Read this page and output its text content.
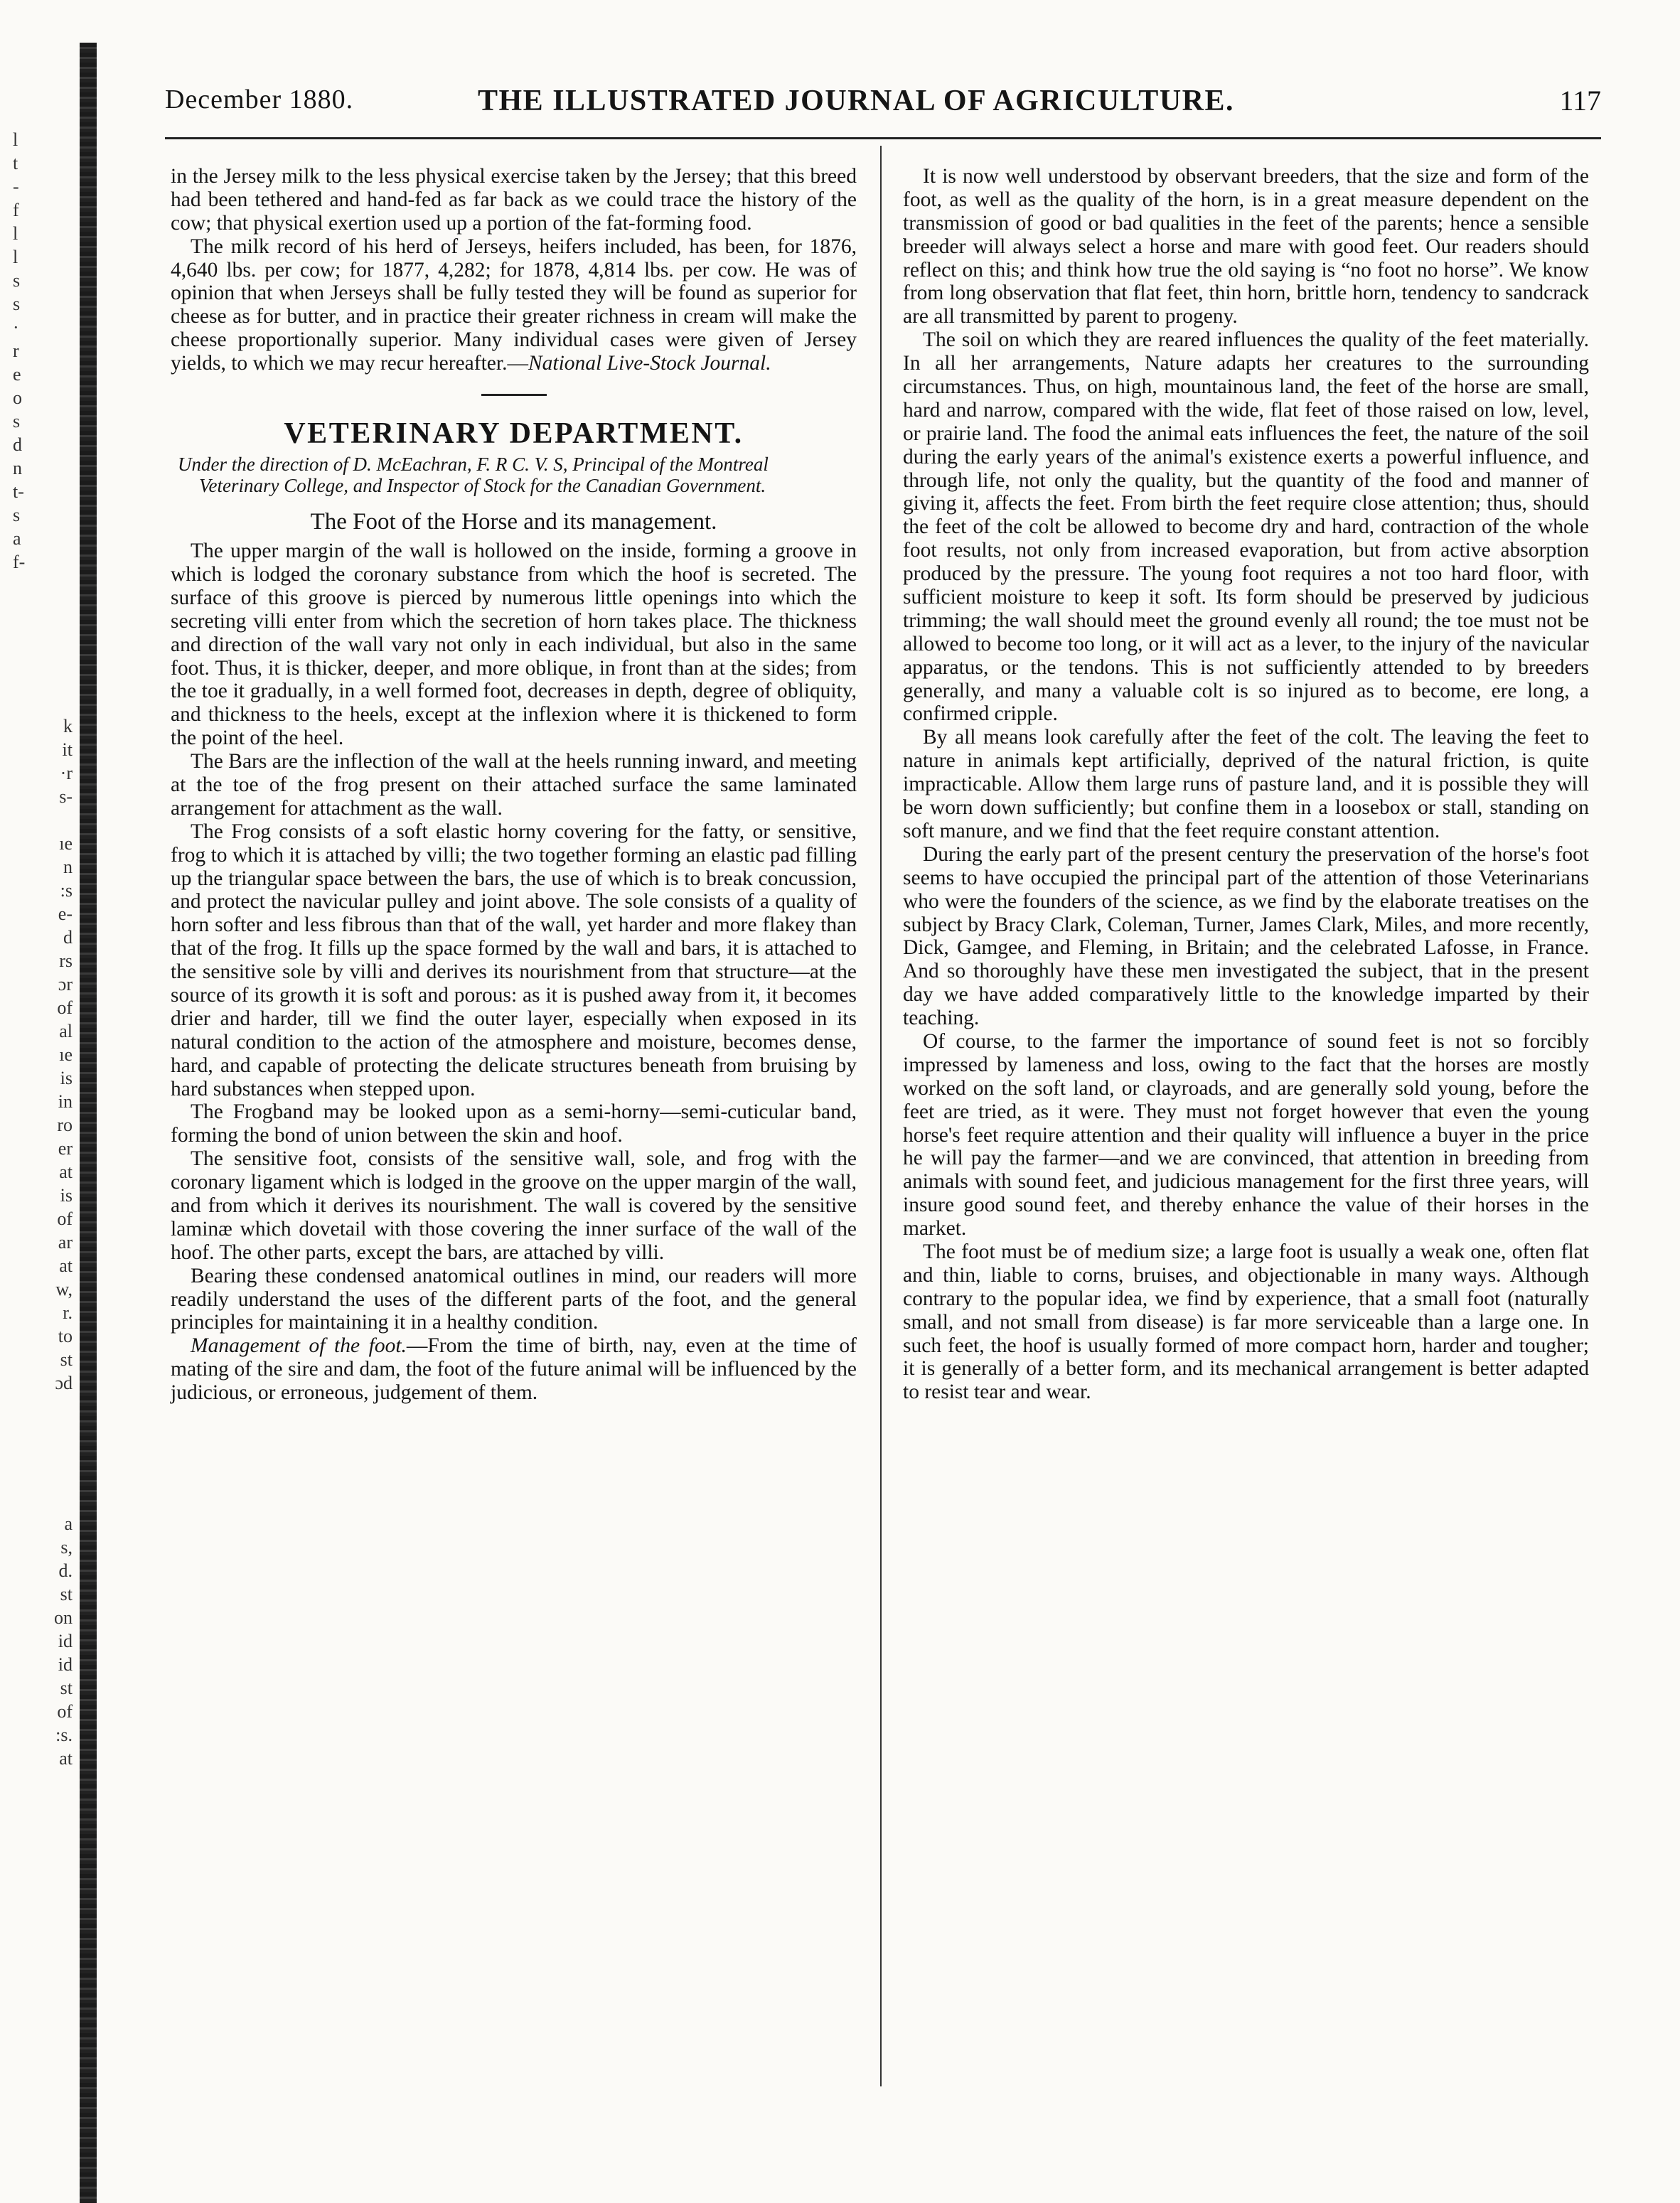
l
t
-
f
l
l
s
s
·
r
e
o
s
d
n
t-
s
a
f-
k
it
·r
s-
ıe
n
:s
e-
d
rs
ɔr
of
al
ıe
is
in
ro
er
at
is
of
ar
at
w,
r.
to
st
ɔd
a
s,
d.
st
on
id
id
st
of
:s.
at
December 1880.	THE ILLUSTRATED JOURNAL OF AGRICULTURE.	117

in the Jersey milk to the less physical exercise taken by the Jersey; that this breed had been tethered and hand-fed as far back as we could trace the history of the cow; that physical exertion used up a portion of the fat-forming food.

The milk record of his herd of Jerseys, heifers included, has been, for 1876, 4,640 lbs. per cow; for 1877, 4,282; for 1878, 4,814 lbs. per cow. He was of opinion that when Jerseys shall be fully tested they will be found as superior for cheese as for butter, and in practice their greater richness in cream will make the cheese proportionally superior. Many individual cases were given of Jersey yields, to which we may recur hereafter.—National Live-Stock Journal.

VETERINARY DEPARTMENT.
Under the direction of D. McEachran, F. R C. V. S, Principal of the Montreal Veterinary College, and Inspector of Stock for the Canadian Government.
The Foot of the Horse and its management.

The upper margin of the wall is hollowed on the inside, forming a groove in which is lodged the coronary substance from which the hoof is secreted. The surface of this groove is pierced by numerous little openings into which the secreting villi enter from which the secretion of horn takes place. The thickness and direction of the wall vary not only in each individual, but also in the same foot. Thus, it is thicker, deeper, and more oblique, in front than at the sides; from the toe it gradually, in a well formed foot, decreases in depth, degree of obliquity, and thickness to the heels, except at the inflexion where it is thickened to form the point of the heel.

The Bars are the inflection of the wall at the heels running inward, and meeting at the toe of the frog present on their attached surface the same laminated arrangement for attachment as the wall.

The Frog consists of a soft elastic horny covering for the fatty, or sensitive, frog to which it is attached by villi; the two together forming an elastic pad filling up the triangular space between the bars, the use of which is to break concussion, and protect the navicular pulley and joint above. The sole consists of a quality of horn softer and less fibrous than that of the wall, yet harder and more flakey than that of the frog. It fills up the space formed by the wall and bars, it is attached to the sensitive sole by villi and derives its nourishment from that structure—at the source of its growth it is soft and porous: as it is pushed away from it, it becomes drier and harder, till we find the outer layer, especially when exposed in its natural condition to the action of the atmosphere and moisture, becomes dense, hard, and capable of protecting the delicate structures beneath from bruising by hard substances when stepped upon.

The Frogband may be looked upon as a semi-horny—semi-cuticular band, forming the bond of union between the skin and hoof.

The sensitive foot, consists of the sensitive wall, sole, and frog with the coronary ligament which is lodged in the groove on the upper margin of the wall, and from which it derives its nourishment. The wall is covered by the sensitive laminæ which dovetail with those covering the inner surface of the wall of the hoof. The other parts, except the bars, are attached by villi.

Bearing these condensed anatomical outlines in mind, our readers will more readily understand the uses of the different parts of the foot, and the general principles for maintaining it in a healthy condition.

Management of the foot.—From the time of birth, nay, even at the time of mating of the sire and dam, the foot of the future animal will be influenced by the judicious, or erroneous, judgement of them.

It is now well understood by observant breeders, that the size and form of the foot, as well as the quality of the horn, is in a great measure dependent on the transmission of good or bad qualities in the feet of the parents; hence a sensible breeder will always select a horse and mare with good feet. Our readers should reflect on this; and think how true the old saying is “no foot no horse”. We know from long observation that flat feet, thin horn, brittle horn, tendency to sandcrack are all transmitted by parent to progeny.

The soil on which they are reared influences the quality of the feet materially. In all her arrangements, Nature adapts her creatures to the surrounding circumstances. Thus, on high, mountainous land, the feet of the horse are small, hard and narrow, compared with the wide, flat feet of those raised on low, level, or prairie land. The food the animal eats influences the feet, the nature of the soil during the early years of the animal's existence exerts a powerful influence, and through life, not only the quality, but the quantity of the food and manner of giving it, affects the feet. From birth the feet require close attention; thus, should the feet of the colt be allowed to become dry and hard, contraction of the whole foot results, not only from increased evaporation, but from active absorption produced by the pressure. The young foot requires a not too hard floor, with sufficient moisture to keep it soft. Its form should be preserved by judicious trimming; the wall should meet the ground evenly all round; the toe must not be allowed to become too long, or it will act as a lever, to the injury of the navicular apparatus, or the tendons. This is not sufficiently attended to by breeders generally, and many a valuable colt is so injured as to become, ere long, a confirmed cripple.

By all means look carefully after the feet of the colt. The leaving the feet to nature in animals kept artificially, deprived of the natural friction, is quite impracticable. Allow them large runs of pasture land, and it is possible they will be worn down sufficiently; but confine them in a loosebox or stall, standing on soft manure, and we find that the feet require constant attention.

During the early part of the present century the preservation of the horse's foot seems to have occupied the principal part of the attention of those Veterinarians who were the founders of the science, as we find by the elaborate treatises on the subject by Bracy Clark, Coleman, Turner, James Clark, Miles, and more recently, Dick, Gamgee, and Fleming, in Britain; and the celebrated Lafosse, in France. And so thoroughly have these men investigated the subject, that in the present day we have added comparatively little to the knowledge imparted by their teaching.

Of course, to the farmer the importance of sound feet is not so forcibly impressed by lameness and loss, owing to the fact that the horses are mostly worked on the soft land, or clayroads, and are generally sold young, before the feet are tried, as it were. They must not forget however that even the young horse's feet require attention and their quality will influence a buyer in the price he will pay the farmer—and we are convinced, that attention in breeding from animals with sound feet, and judicious management for the first three years, will insure good sound feet, and thereby enhance the value of their horses in the market.

The foot must be of medium size; a large foot is usually a weak one, often flat and thin, liable to corns, bruises, and objectionable in many ways. Although contrary to the popular idea, we find by experience, that a small foot (naturally small, and not small from disease) is far more serviceable than a large one. In such feet, the hoof is usually formed of more compact horn, harder and tougher; it is generally of a better form, and its mechanical arrangement is better adapted to resist tear and wear.
